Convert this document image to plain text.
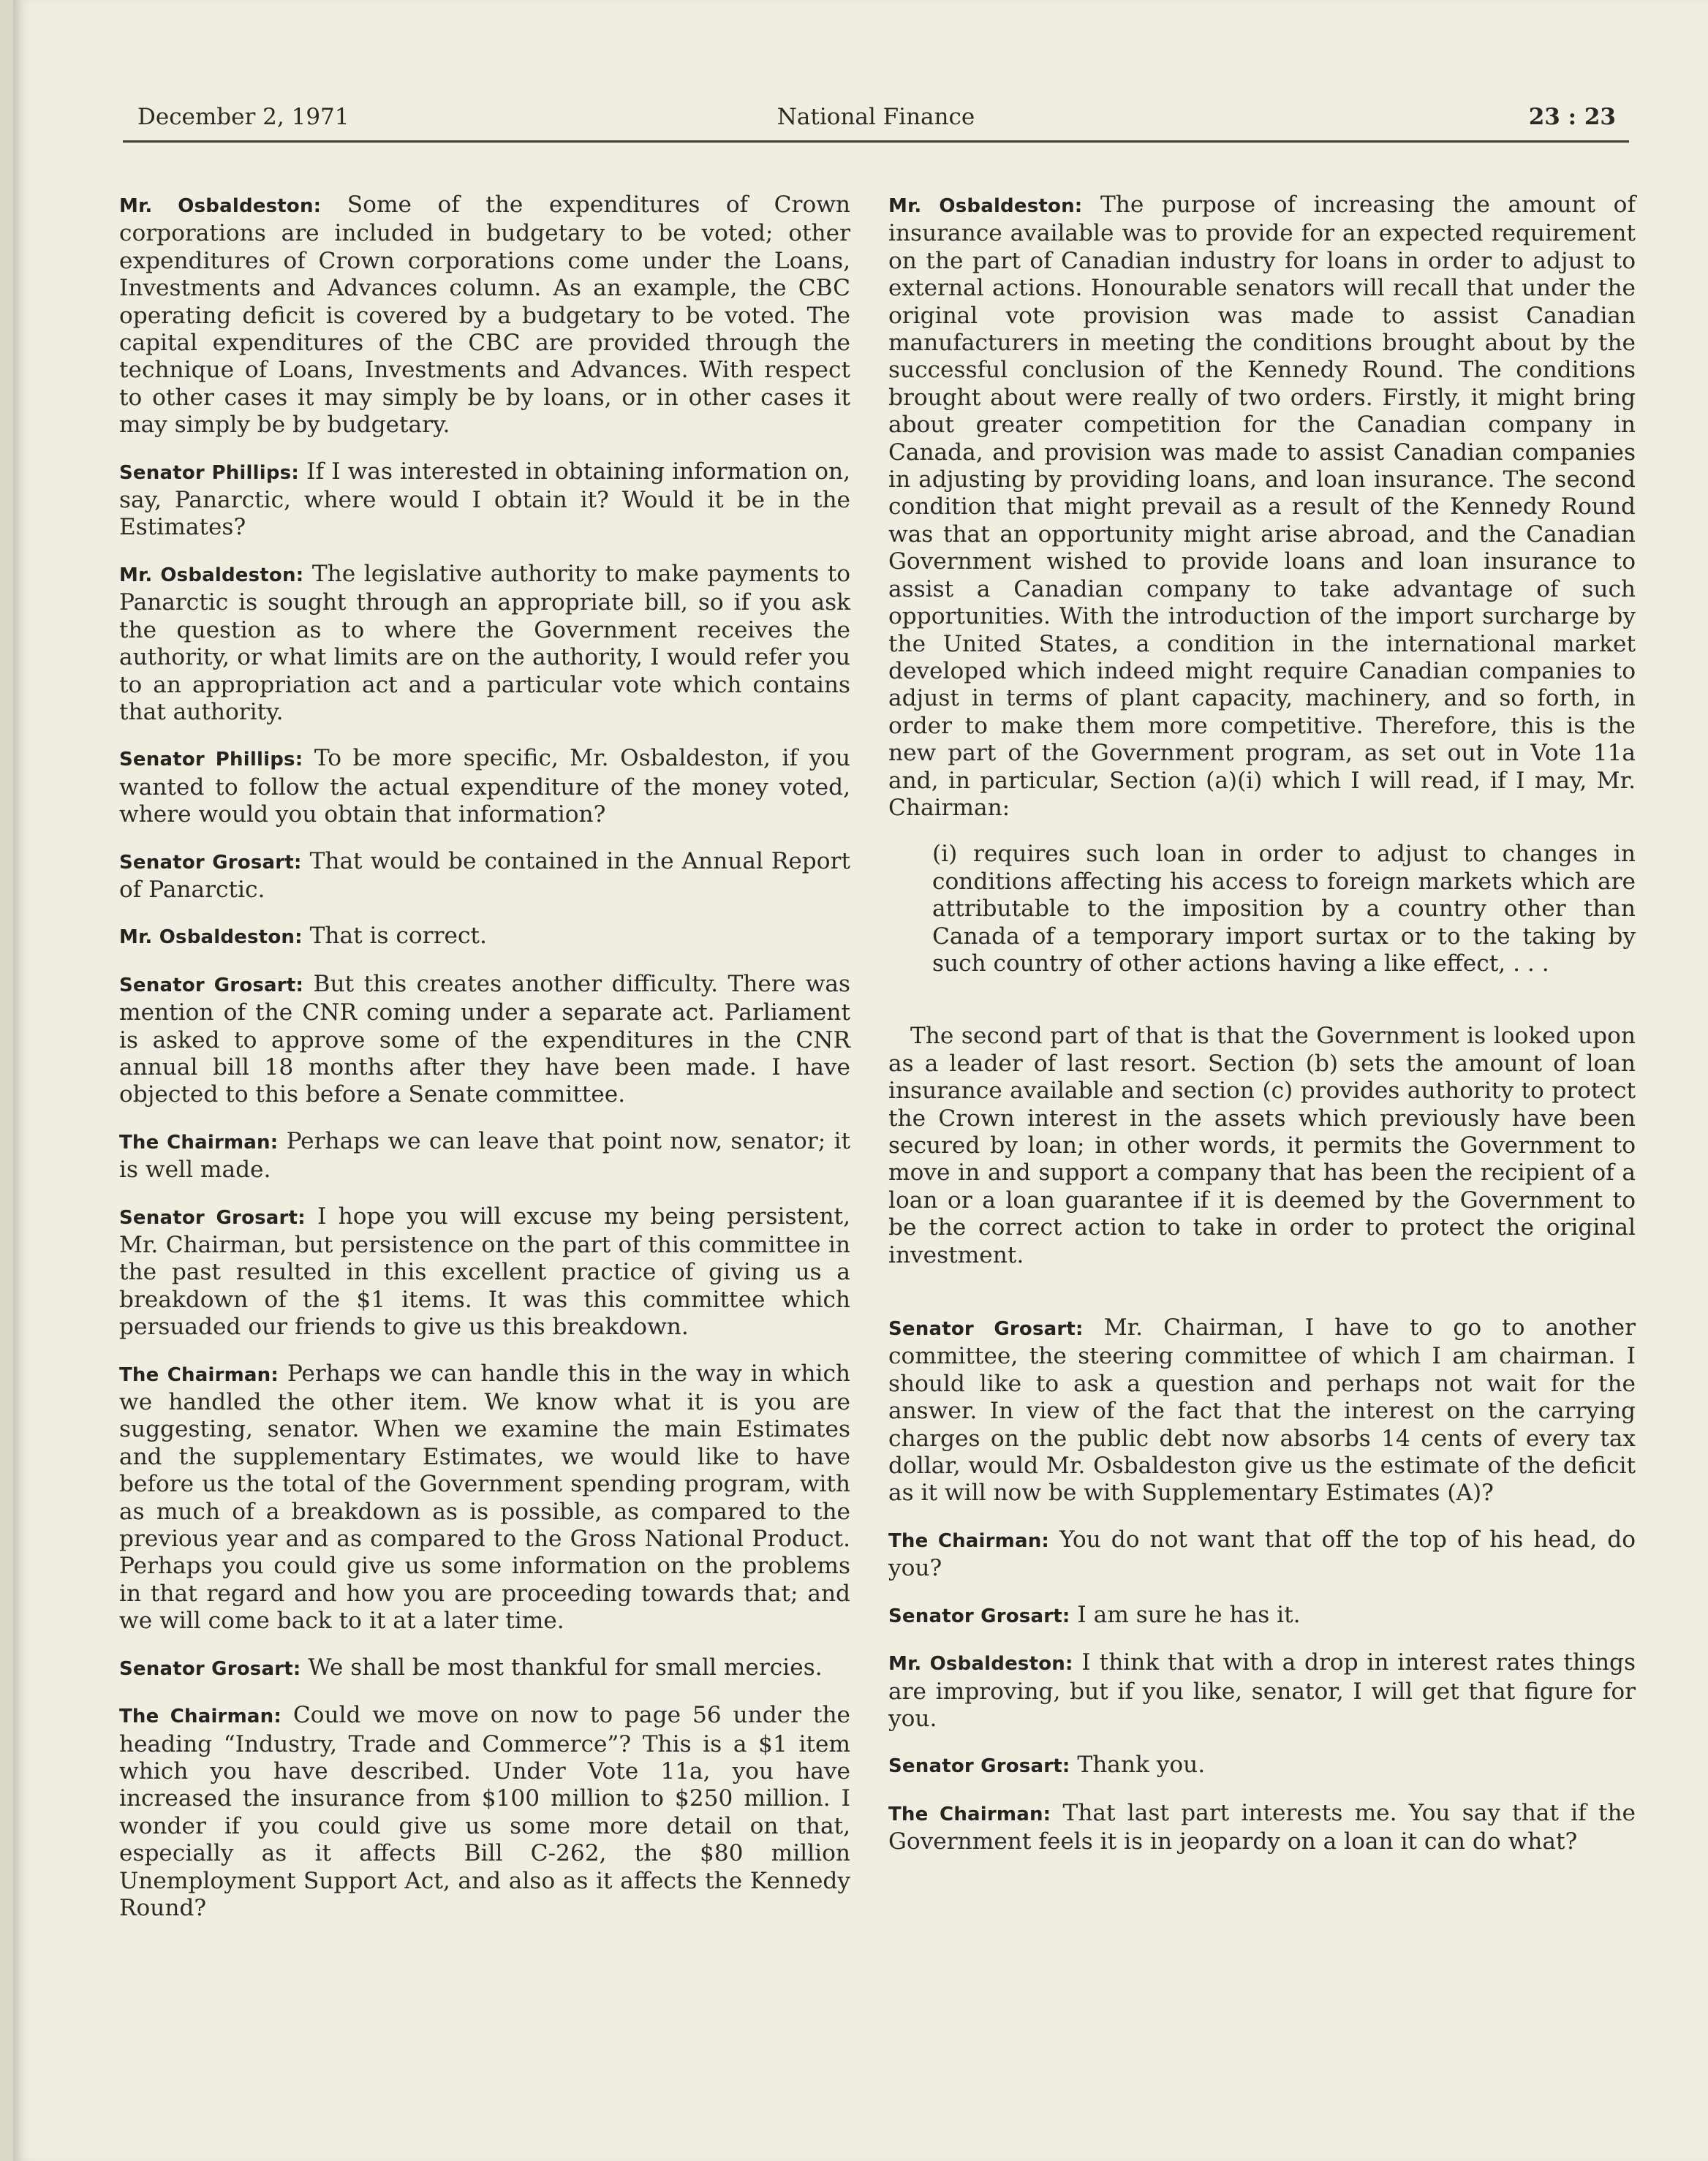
December 2, 1971	National Finance	23 : 23

Mr. Osbaldeston: Some of the expenditures of Crown corporations are included in budgetary to be voted; other expenditures of Crown corporations come under the Loans, Investments and Advances column. As an example, the CBC operating deficit is covered by a budgetary to be voted. The capital expenditures of the CBC are provided through the technique of Loans, Investments and Advances. With respect to other cases it may simply be by loans, or in other cases it may simply be by budgetary.

Senator Phillips: If I was interested in obtaining information on, say, Panarctic, where would I obtain it? Would it be in the Estimates?

Mr. Osbaldeston: The legislative authority to make payments to Panarctic is sought through an appropriate bill, so if you ask the question as to where the Government receives the authority, or what limits are on the authority, I would refer you to an appropriation act and a particular vote which contains that authority.

Senator Phillips: To be more specific, Mr. Osbaldeston, if you wanted to follow the actual expenditure of the money voted, where would you obtain that information?

Senator Grosart: That would be contained in the Annual Report of Panarctic.

Mr. Osbaldeston: That is correct.

Senator Grosart: But this creates another difficulty. There was mention of the CNR coming under a separate act. Parliament is asked to approve some of the expenditures in the CNR annual bill 18 months after they have been made. I have objected to this before a Senate committee.

The Chairman: Perhaps we can leave that point now, senator; it is well made.

Senator Grosart: I hope you will excuse my being persistent, Mr. Chairman, but persistence on the part of this committee in the past resulted in this excellent practice of giving us a breakdown of the $1 items. It was this committee which persuaded our friends to give us this breakdown.

The Chairman: Perhaps we can handle this in the way in which we handled the other item. We know what it is you are suggesting, senator. When we examine the main Estimates and the supplementary Estimates, we would like to have before us the total of the Government spending program, with as much of a breakdown as is possible, as compared to the previous year and as compared to the Gross National Product. Perhaps you could give us some information on the problems in that regard and how you are proceeding towards that; and we will come back to it at a later time.

Senator Grosart: We shall be most thankful for small mercies.

The Chairman: Could we move on now to page 56 under the heading “Industry, Trade and Commerce”? This is a $1 item which you have described. Under Vote 11a, you have increased the insurance from $100 million to $250 million. I wonder if you could give us some more detail on that, especially as it affects Bill C-262, the $80 million Unemployment Support Act, and also as it affects the Kennedy Round?

Mr. Osbaldeston: The purpose of increasing the amount of insurance available was to provide for an expected requirement on the part of Canadian industry for loans in order to adjust to external actions. Honourable senators will recall that under the original vote provision was made to assist Canadian manufacturers in meeting the conditions brought about by the successful conclusion of the Kennedy Round. The conditions brought about were really of two orders. Firstly, it might bring about greater competition for the Canadian company in Canada, and provision was made to assist Canadian companies in adjusting by providing loans, and loan insurance. The second condition that might prevail as a result of the Kennedy Round was that an opportunity might arise abroad, and the Canadian Government wished to provide loans and loan insurance to assist a Canadian company to take advantage of such opportunities. With the introduction of the import surcharge by the United States, a condition in the international market developed which indeed might require Canadian companies to adjust in terms of plant capacity, machinery, and so forth, in order to make them more competitive. Therefore, this is the new part of the Government program, as set out in Vote 11a and, in particular, Section (a)(i) which I will read, if I may, Mr. Chairman:

(i) requires such loan in order to adjust to changes in conditions affecting his access to foreign markets which are attributable to the imposition by a country other than Canada of a temporary import surtax or to the taking by such country of other actions having a like effect, . . .

The second part of that is that the Government is looked upon as a leader of last resort. Section (b) sets the amount of loan insurance available and section (c) provides authority to protect the Crown interest in the assets which previously have been secured by loan; in other words, it permits the Government to move in and support a company that has been the recipient of a loan or a loan guarantee if it is deemed by the Government to be the correct action to take in order to protect the original investment.

Senator Grosart: Mr. Chairman, I have to go to another committee, the steering committee of which I am chairman. I should like to ask a question and perhaps not wait for the answer. In view of the fact that the interest on the carrying charges on the public debt now absorbs 14 cents of every tax dollar, would Mr. Osbaldeston give us the estimate of the deficit as it will now be with Supplementary Estimates (A)?

The Chairman: You do not want that off the top of his head, do you?

Senator Grosart: I am sure he has it.

Mr. Osbaldeston: I think that with a drop in interest rates things are improving, but if you like, senator, I will get that figure for you.

Senator Grosart: Thank you.

The Chairman: That last part interests me. You say that if the Government feels it is in jeopardy on a loan it can do what?
